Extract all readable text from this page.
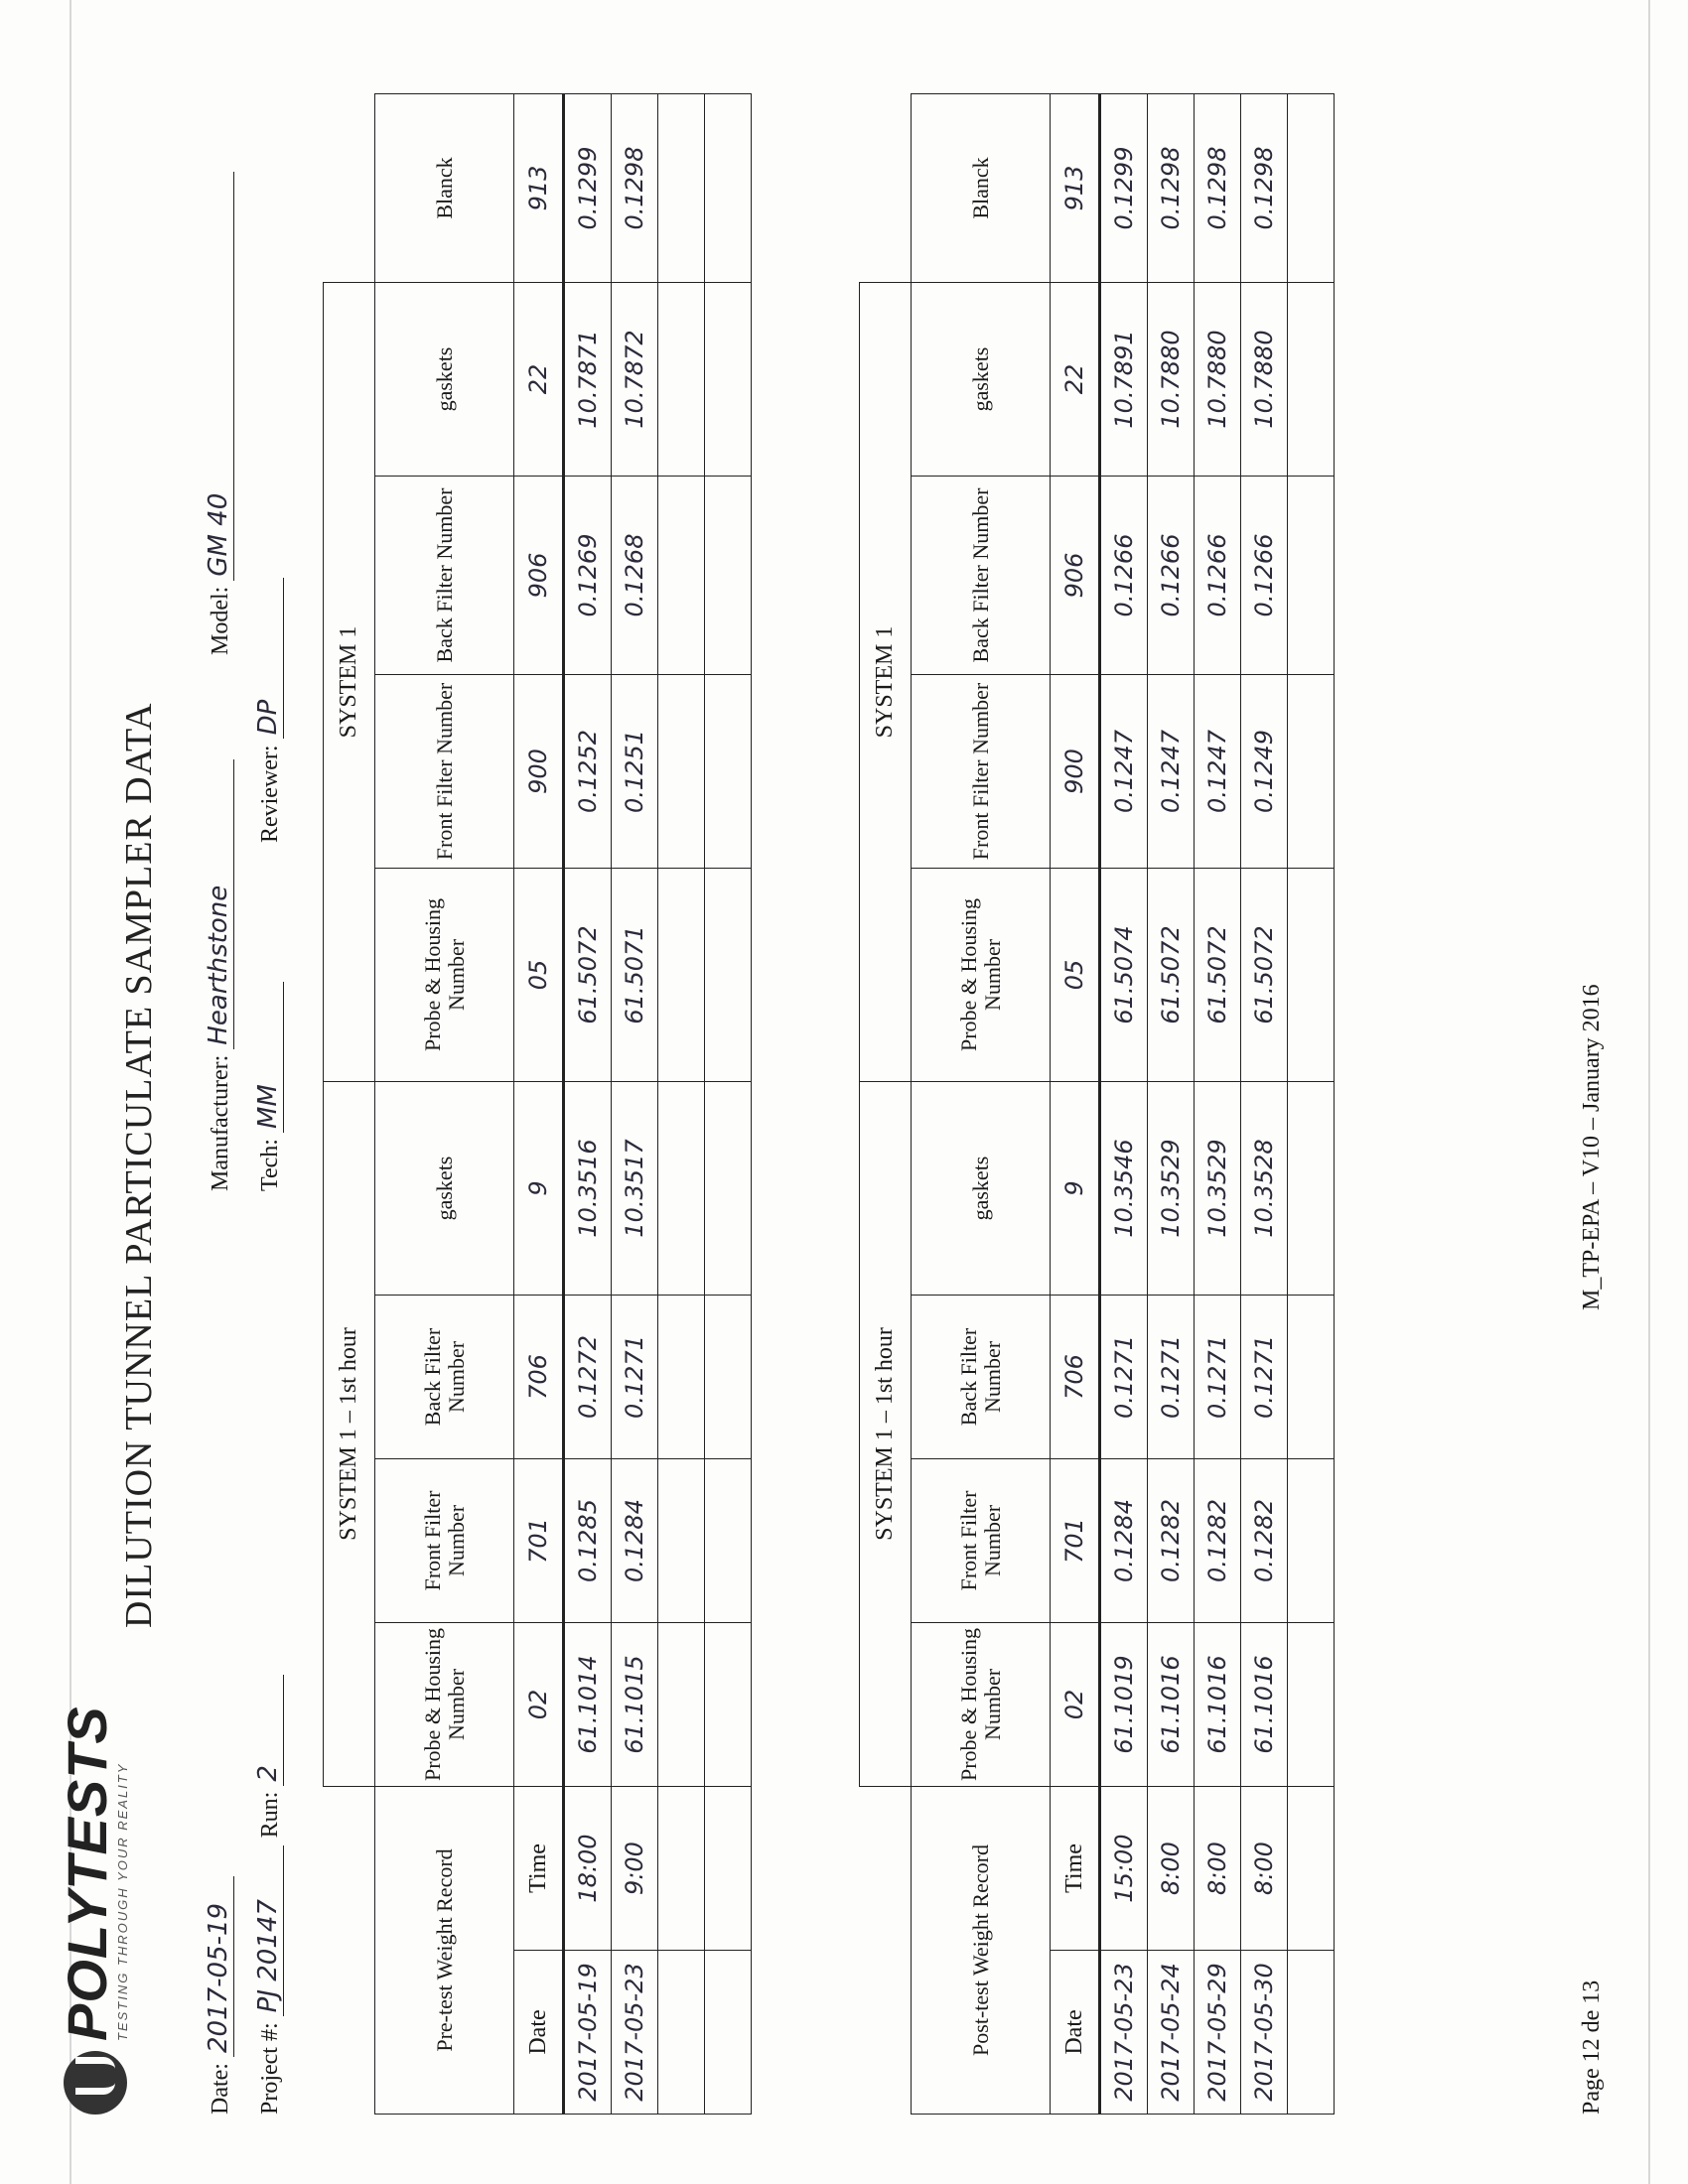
POLYTESTS
TESTING THROUGH YOUR REALITY
DILUTION TUNNEL PARTICULATE SAMPLER DATA
Date:
2017-05-19
Project #:
PJ 20147
Run:
2
Manufacturer:
Hearthstone
Tech:
MM
Reviewer:
DP
Model:
GM 40
		SYSTEM 1 – 1st hour				SYSTEM 1				
Pre-test Weight Record		Probe & Housing Number	Front Filter Number	Back Filter Number	gaskets	Probe & Housing Number	Front Filter Number	Back Filter Number	gaskets	Blanck
Date	Time	02	701	706	9	05	900	906	22	913
2017-05-19	18:00	61.1014	0.1285	0.1272	10.3516	61.5072	0.1252	0.1269	10.7871	0.1299
2017-05-23	9:00	61.1015	0.1284	0.1271	10.3517	61.5071	0.1251	0.1268	10.7872	0.1298

		SYSTEM 1 – 1st hour				SYSTEM 1				
Post-test Weight Record		Probe & Housing Number	Front Filter Number	Back Filter Number	gaskets	Probe & Housing Number	Front Filter Number	Back Filter Number	gaskets	Blanck
Date	Time	02	701	706	9	05	900	906	22	913
2017-05-23	15:00	61.1019	0.1284	0.1271	10.3546	61.5074	0.1247	0.1266	10.7891	0.1299
2017-05-24	8:00	61.1016	0.1282	0.1271	10.3529	61.5072	0.1247	0.1266	10.7880	0.1298
2017-05-29	8:00	61.1016	0.1282	0.1271	10.3529	61.5072	0.1247	0.1266	10.7880	0.1298
2017-05-30	8:00	61.1016	0.1282	0.1271	10.3528	61.5072	0.1249	0.1266	10.7880	0.1298

Page 12 de 13
M_TP-EPA – V10 – January 2016
